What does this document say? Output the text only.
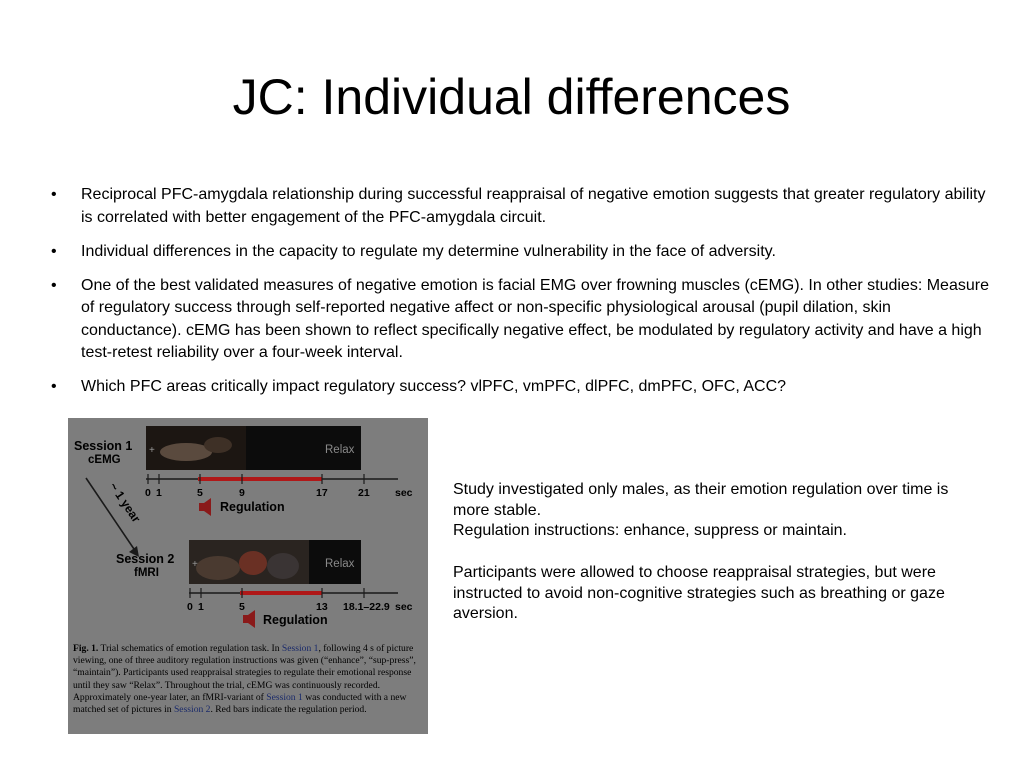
JC: Individual differences
• Reciprocal PFC-amygdala relationship during successful reappraisal of negative emotion suggests that greater regulatory ability is correlated with better engagement of the PFC-amygdala circuit.
• Individual differences in the capacity to regulate my determine vulnerability in the face of adversity.
• One of the best validated measures of negative emotion is facial EMG over frowning muscles (cEMG). In other studies: Measure of regulatory success through self-reported negative affect or non-specific physiological arousal (pupil dilation, skin conductance). cEMG has been shown to reflect specifically negative effect, be modulated by regulatory activity and have a high test-retest reliability over a four-week interval.
• Which PFC areas critically impact regulatory success? vlPFC, vmPFC, dlPFC, dmPFC, OFC, ACC?
Session 1
cEMG
+	Relax
0 1	5	9	17	21 sec
Regulation
~ 1 year
Session 2
fMRI
+	Relax
0 1	5	13 18.1–22.9 sec
Regulation
Fig. 1. Trial schematics of emotion regulation task. In Session 1, following 4 s of picture viewing, one of three auditory regulation instructions was given (“enhance”, “sup-press”, “maintain”). Participants used reappraisal strategies to regulate their emotional response until they saw “Relax”. Throughout the trial, cEMG was continuously recorded. Approximately one-year later, an fMRI-variant of Session 1 was conducted with a new matched set of pictures in Session 2. Red bars indicate the regulation period.

Study investigated only males, as their emotion regulation over time is more stable.

Regulation instructions: enhance, suppress or maintain.

Participants were allowed to choose reappraisal strategies, but were instructed to avoid non-cognitive strategies such as breathing or gaze aversion.
